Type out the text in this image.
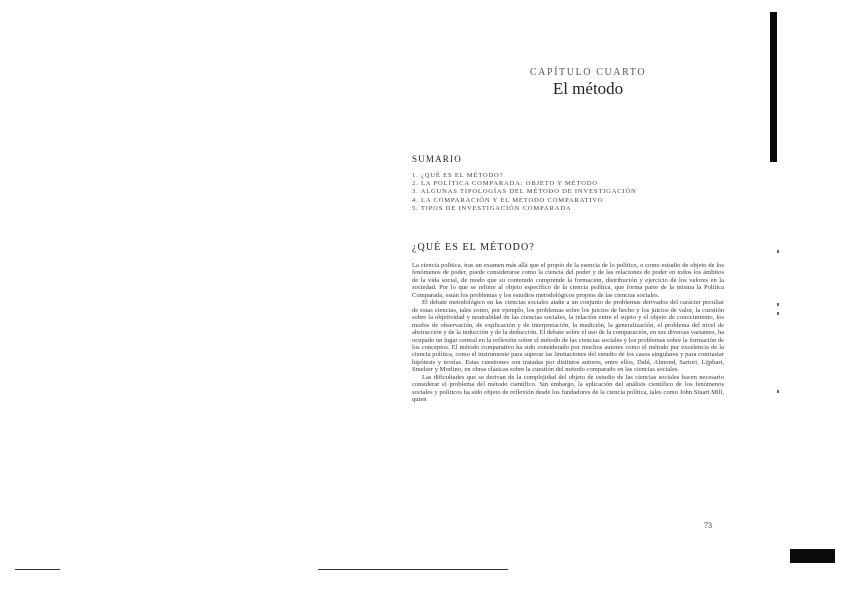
CAPÍTULO CUARTO
El método
SUMARIO
1. ¿QUÉ ES EL MÉTODO?
2. LA POLÍTICA COMPARADA: OBJETO Y MÉTODO
3. ALGUNAS TIPOLOGÍAS DEL MÉTODO DE INVESTIGACIÓN
4. LA COMPARACIÓN Y EL MÉTODO COMPARATIVO
5. TIPOS DE INVESTIGACIÓN COMPARADA
¿QUÉ ES EL MÉTODO?

La ciencia política, tras un examen más allá que el propio de la esencia de lo político, o como estudio de objeto de los fenómenos de poder, puede considerarse como la ciencia del poder y de las relaciones de poder en todos los ámbitos de la vida social, de modo que su contenido comprende la formación, distribución y ejercicio de los valores en la sociedad. Por lo que se refiere al objeto específico de la ciencia política, que forma parte de la misma la Política Comparada, están los problemas y los estudios metodológicos propios de las ciencias sociales.

El debate metodológico en las ciencias sociales atañe a un conjunto de problemas derivados del carácter peculiar de estas ciencias, tales como, por ejemplo, los problemas sobre los juicios de hecho y los juicios de valor, la cuestión sobre la objetividad y neutralidad de las ciencias sociales, la relación entre el sujeto y el objeto de conocimiento, los modos de observación, de explicación y de interpretación, la medición, la generalización, el problema del nivel de abstracción y de la inducción y de la deducción. El debate sobre el uso de la comparación, en sus diversas variantes, ha ocupado un lugar central en la reflexión sobre el método de las ciencias sociales y los problemas sobre la formación de los conceptos. El método comparativo ha sido considerado por muchos autores como el método por excelencia de la ciencia política, como el instrumento para superar las limitaciones del estudio de los casos singulares y para contrastar hipótesis y teorías. Estas cuestiones son tratadas por distintos autores, entre ellos, Dahl, Almond, Sartori, Lijphart, Smelser y Morlino, en obras clásicas sobre la cuestión del método comparado en las ciencias sociales.

Las dificultades que se derivan de la complejidad del objeto de estudio de las ciencias sociales hacen necesario considerar el problema del método científico. Sin embargo, la aplicación del análisis científico de los fenómenos sociales y políticos ha sido objeto de reflexión desde los fundadores de la ciencia política, tales como John Stuart Mill, quien

73
